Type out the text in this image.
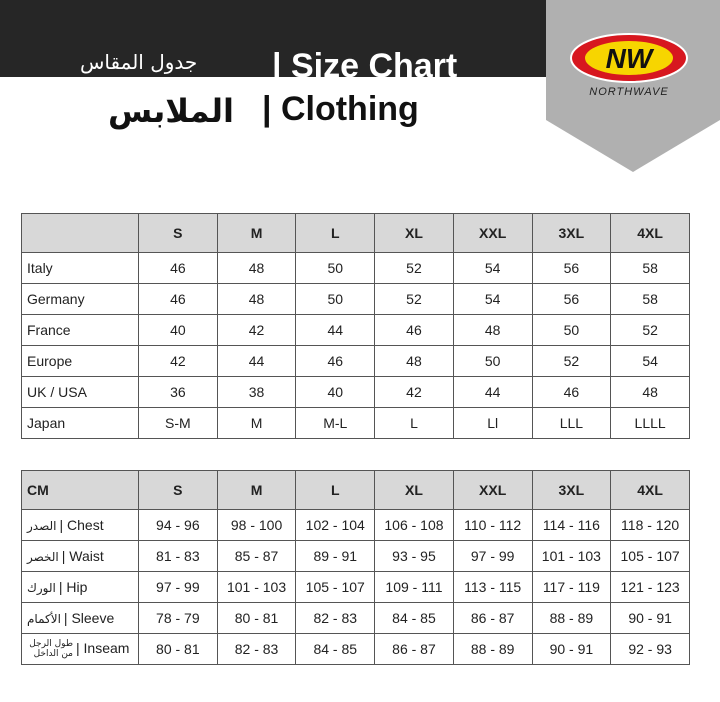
جدول المقاس | Size Chart
الملابس | Clothing
NW
NORTHWAVE
	S	M	L	XL	XXL	3XL	4XL
Italy	46	48	50	52	54	56	58
Germany	46	48	50	52	54	56	58
France	40	42	44	46	48	50	52
Europe	42	44	46	48	50	52	54
UK / USA	36	38	40	42	44	46	48
Japan	S-M	M	M-L	L	Ll	LLL	LLLL
CM	S	M	L	XL	XXL	3XL	4XL
الصدر | Chest	94 - 96	98 - 100	102 - 104	106 - 108	110 - 112	114 - 116	118 - 120
الخصر | Waist	81 - 83	85 - 87	89 - 91	93 - 95	97 - 99	101 - 103	105 - 107
الورك | Hip	97 - 99	101 - 103	105 - 107	109 - 111	113 - 115	117 - 119	121 - 123
الأكمام | Sleeve	78 - 79	80 - 81	82 - 83	84 - 85	86 - 87	88 - 89	90 - 91
طول الرجل من الداخل | Inseam	80 - 81	82 - 83	84 - 85	86 - 87	88 - 89	90 - 91	92 - 93
